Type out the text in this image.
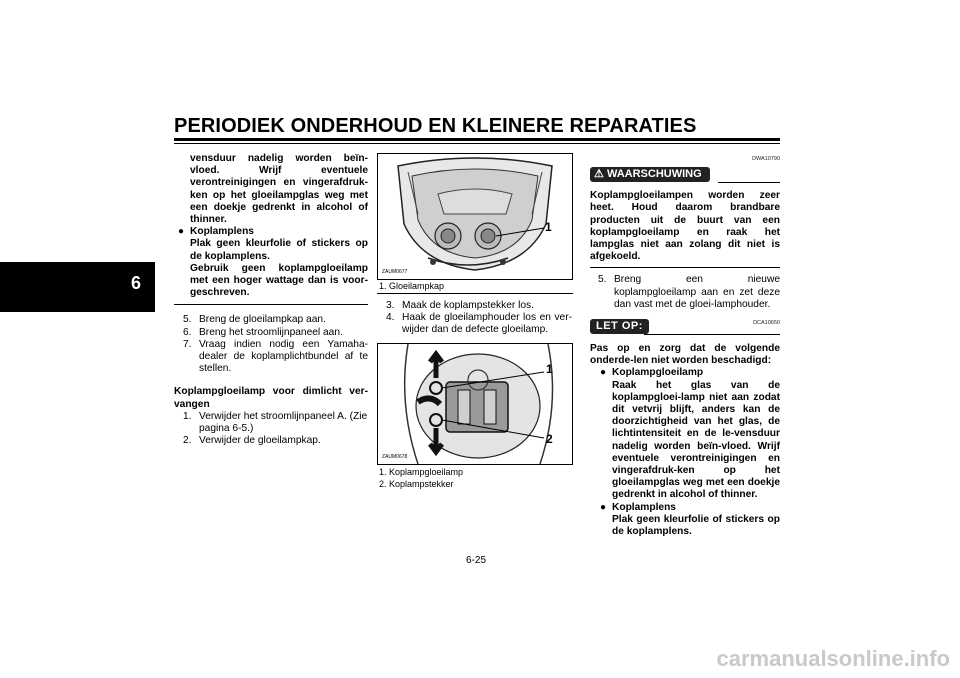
PERIODIEK ONDERHOUD EN KLEINERE REPARATIES
6

vensduur nadelig worden beïn-vloed. Wrijf eventuele verontreinigingen en vingerafdruk-ken op het gloeilampglas weg met een doekje gedrenkt in alcohol of thinner.

● Koplamplens

Plak geen kleurfolie of stickers op de koplamplens.

Gebruik geen koplampgloeilamp met een hoger wattage dan is voor-geschreven.

5. Breng de gloeilampkap aan.

6. Breng het stroomlijnpaneel aan.

7. Vraag indien nodig een Yamaha-dealer de koplamplichtbundel af te stellen.

Koplampgloeilamp voor dimlicht ver-vangen

1. Verwijder het stroomlijnpaneel A. (Zie pagina 6-5.)

2. Verwijder de gloeilampkap.

1
ZAUM0677
1. Gloeilampkap
3. Maak de koplampstekker los.

4. Haak de gloeilamphouder los en ver-wijder dan de defecte gloeilamp.

1
2
ZAUM0678
1. Koplampgloeilamp
2. Koplampstekker
DWA10790
⚠ WAARSCHUWING

Koplampgloeilampen worden zeer heet. Houd daarom brandbare producten uit de buurt van een koplampgloeilamp en raak het lampglas niet aan zolang dit niet is afgekoeld.

5. Breng een nieuwe koplampgloeilamp aan en zet deze dan vast met de gloei-lamphouder.

LET OP:	DCA10650

Pas op en zorg dat de volgende onderde-len niet worden beschadigd:

● Koplampgloeilamp

Raak het glas van de koplampgloei-lamp niet aan zodat dit vetvrij blijft, anders kan de doorzichtigheid van het glas, de lichtintensiteit en de le-vensduur nadelig worden beïn-vloed. Wrijf eventuele verontreinigingen en vingerafdruk-ken op het gloeilampglas weg met een doekje gedrenkt in alcohol of thinner.

● Koplamplens

Plak geen kleurfolie of stickers op de koplamplens.

6-25
carmanualsonline.info
